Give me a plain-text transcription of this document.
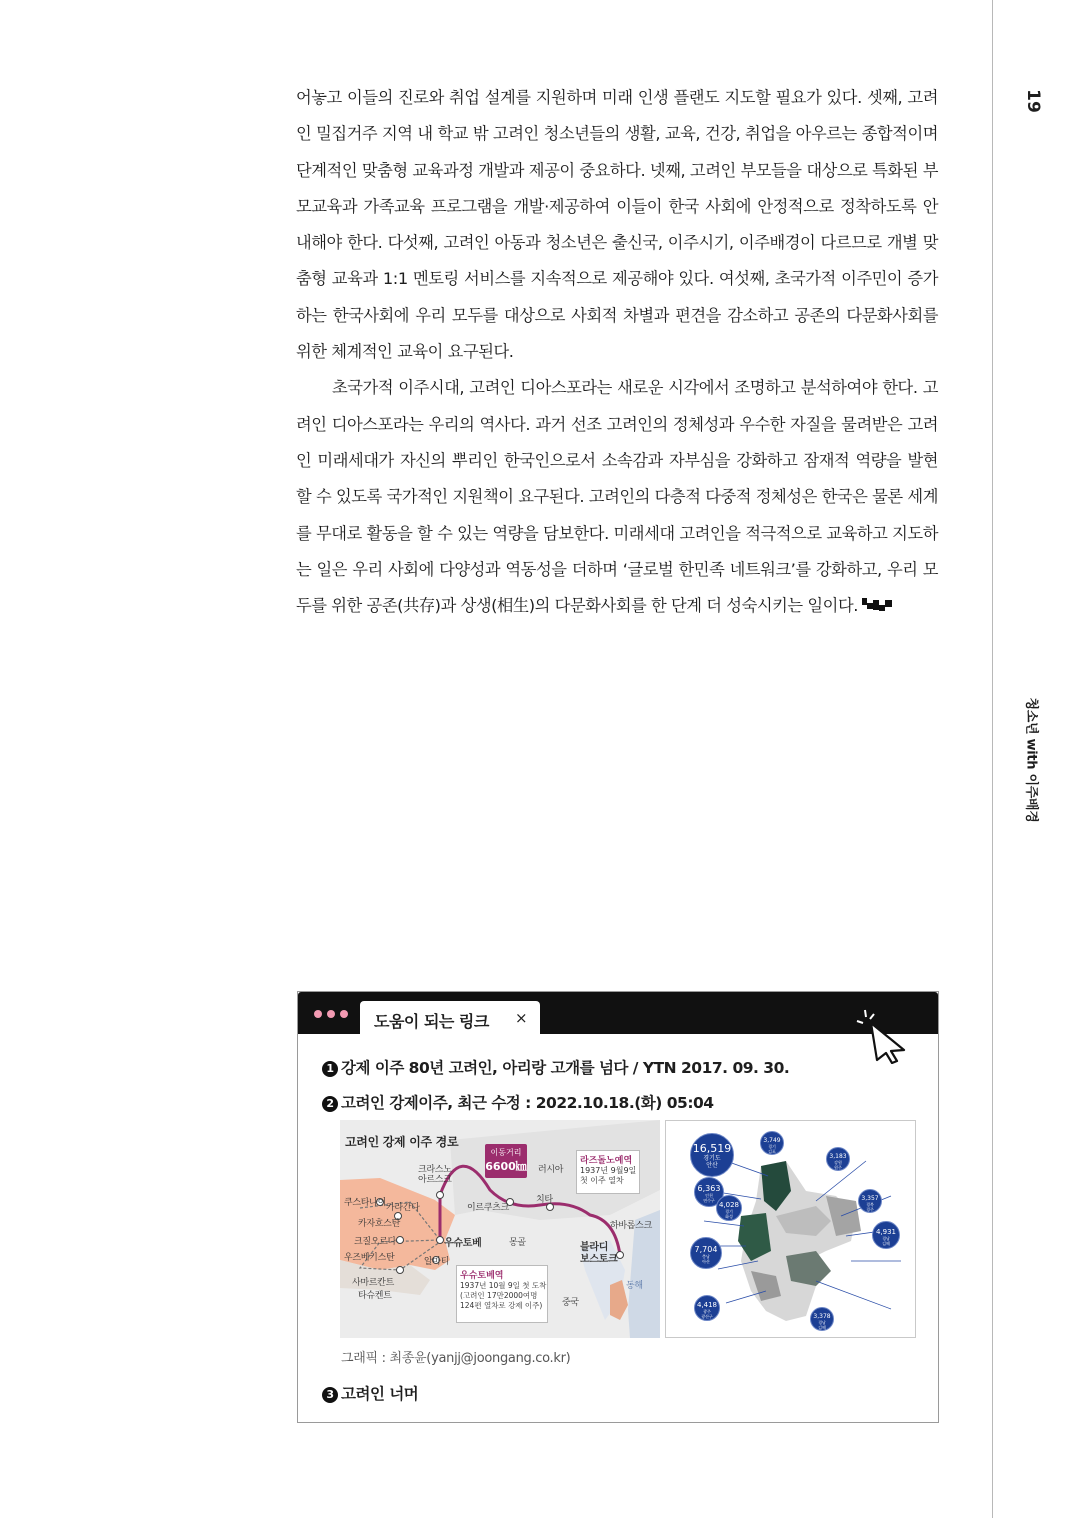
19
청소년 with 이주배경

어놓고 이들의 진로와 취업 설계를 지원하며 미래 인생 플랜도 지도할 필요가 있다. 셋째, 고려인 밀집거주 지역 내 학교 밖 고려인 청소년들의 생활, 교육, 건강, 취업을 아우르는 종합적이며 단계적인 맞춤형 교육과정 개발과 제공이 중요하다. 넷째, 고려인 부모들을 대상으로 특화된 부모교육과 가족교육 프로그램을 개발·제공하여 이들이 한국 사회에 안정적으로 정착하도록 안내해야 한다. 다섯째, 고려인 아동과 청소년은 출신국, 이주시기, 이주배경이 다르므로 개별 맞춤형 교육과 1:1 멘토링 서비스를 지속적으로 제공해야 있다. 여섯째, 초국가적 이주민이 증가하는 한국사회에 우리 모두를 대상으로 사회적 차별과 편견을 감소하고 공존의 다문화사회를 위한 체계적인 교육이 요구된다.

초국가적 이주시대, 고려인 디아스포라는 새로운 시각에서 조명하고 분석하여야 한다. 고려인 디아스포라는 우리의 역사다. 과거 선조 고려인의 정체성과 우수한 자질을 물려받은 고려인 미래세대가 자신의 뿌리인 한국인으로서 소속감과 자부심을 강화하고 잠재적 역량을 발현할 수 있도록 국가적인 지원책이 요구된다. 고려인의 다층적 다중적 정체성은 한국은 물론 세계를 무대로 활동을 할 수 있는 역량을 담보한다. 미래세대 고려인을 적극적으로 교육하고 지도하는 일은 우리 사회에 다양성과 역동성을 더하며 ‘글로벌 한민족 네트워크’를 강화하고, 우리 모두를 위한 공존(共存)과 상생(相生)의 다문화사회를 한 단계 더 성숙시키는 일이다.

도움이 되는 링크 ×
1 강제 이주 80년 고려인, 아리랑 고개를 넘다 / YTN 2017. 09. 30.
2 고려인 강제이주, 최근 수정 : 2022.10.18.(화) 05:04
고려인 강제 이주 경로
이동거리
6600㎞
크라스노
아르스크
러시아
라즈돌노예역
1937년 9월9일
첫 이주 열차
쿠스타나이 카라간다	이르쿠츠크
치타
카자흐스탄
크질오르다	우슈토베	몽골
하바롭스크
우즈베키스탄	알마티
블라디
보스토크
사마르칸트
타슈켄트
동해
중국
우슈토베역
1937년 10월 9일 첫 도착
(고려인 17만2000여명
124편 열차로 강제 이주)
16,519
경기도
안산
6,363
인천
연수구
4,028
경기
화성
7,704
충남
아산
4,418
광주
광산구
3,749
경기
김포
3,183
강원
원주
3,357
경북
경주
4,931
경남
김해
3,378
경남
김해
그래픽 : 최종윤(yanjj@joongang.co.kr)
3 고려인 너머
